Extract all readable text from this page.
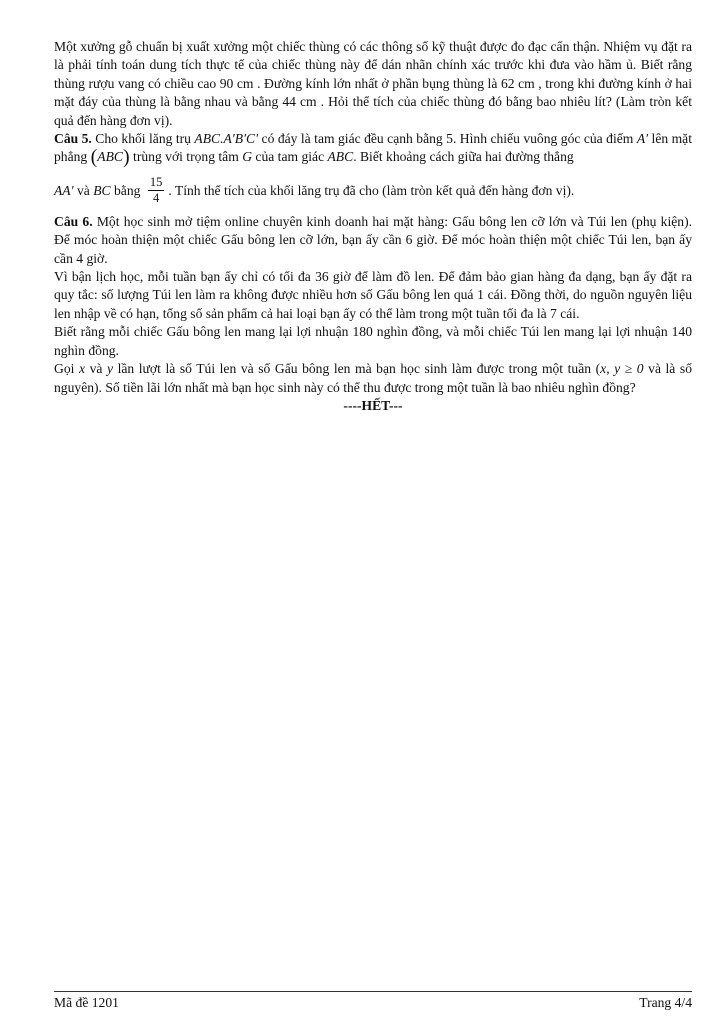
Một xưởng gỗ chuẩn bị xuất xưởng một chiếc thùng có các thông số kỹ thuật được đo đạc cẩn thận. Nhiệm vụ đặt ra là phải tính toán dung tích thực tế của chiếc thùng này để dán nhãn chính xác trước khi đưa vào hầm ủ. Biết rằng thùng rượu vang có chiều cao 90 cm . Đường kính lớn nhất ở phần bụng thùng là 62 cm , trong khi đường kính ở hai mặt đáy của thùng là bằng nhau và bằng 44 cm . Hỏi thể tích của chiếc thùng đó bằng bao nhiêu lít? (Làm tròn kết quả đến hàng đơn vị).

Câu 5. Cho khối lăng trụ ABC.A′B′C′ có đáy là tam giác đều cạnh bằng 5. Hình chiếu vuông góc của điểm A′ lên mặt phẳng (ABC) trùng với trọng tâm G của tam giác ABC. Biết khoảng cách giữa hai đường thẳng

AA′ và BC bằng $\frac{15}{4}$ . Tính thể tích của khối lăng trụ đã cho (làm tròn kết quả đến hàng đơn vị).

Câu 6. Một học sinh mở tiệm online chuyên kinh doanh hai mặt hàng: Gấu bông len cỡ lớn và Túi len (phụ kiện). Để móc hoàn thiện một chiếc Gấu bông len cỡ lớn, bạn ấy cần 6 giờ. Để móc hoàn thiện một chiếc Túi len, bạn ấy cần 4 giờ.

Vì bận lịch học, mỗi tuần bạn ấy chỉ có tối đa 36 giờ để làm đồ len. Để đảm bảo gian hàng đa dạng, bạn ấy đặt ra quy tắc: số lượng Túi len làm ra không được nhiều hơn số Gấu bông len quá 1 cái. Đồng thời, do nguồn nguyên liệu len nhập về có hạn, tổng số sản phẩm cả hai loại bạn ấy có thể làm trong một tuần tối đa là 7 cái.

Biết rằng mỗi chiếc Gấu bông len mang lại lợi nhuận 180 nghìn đồng, và mỗi chiếc Túi len mang lại lợi nhuận 140 nghìn đồng.

Gọi x và y lần lượt là số Túi len và số Gấu bông len mà bạn học sinh làm được trong một tuần (x, y ≥ 0 và là số nguyên). Số tiền lãi lớn nhất mà bạn học sinh này có thể thu được trong một tuần là bao nhiêu nghìn đồng?

----HẾT---

Mã đề 1201	Trang 4/4
